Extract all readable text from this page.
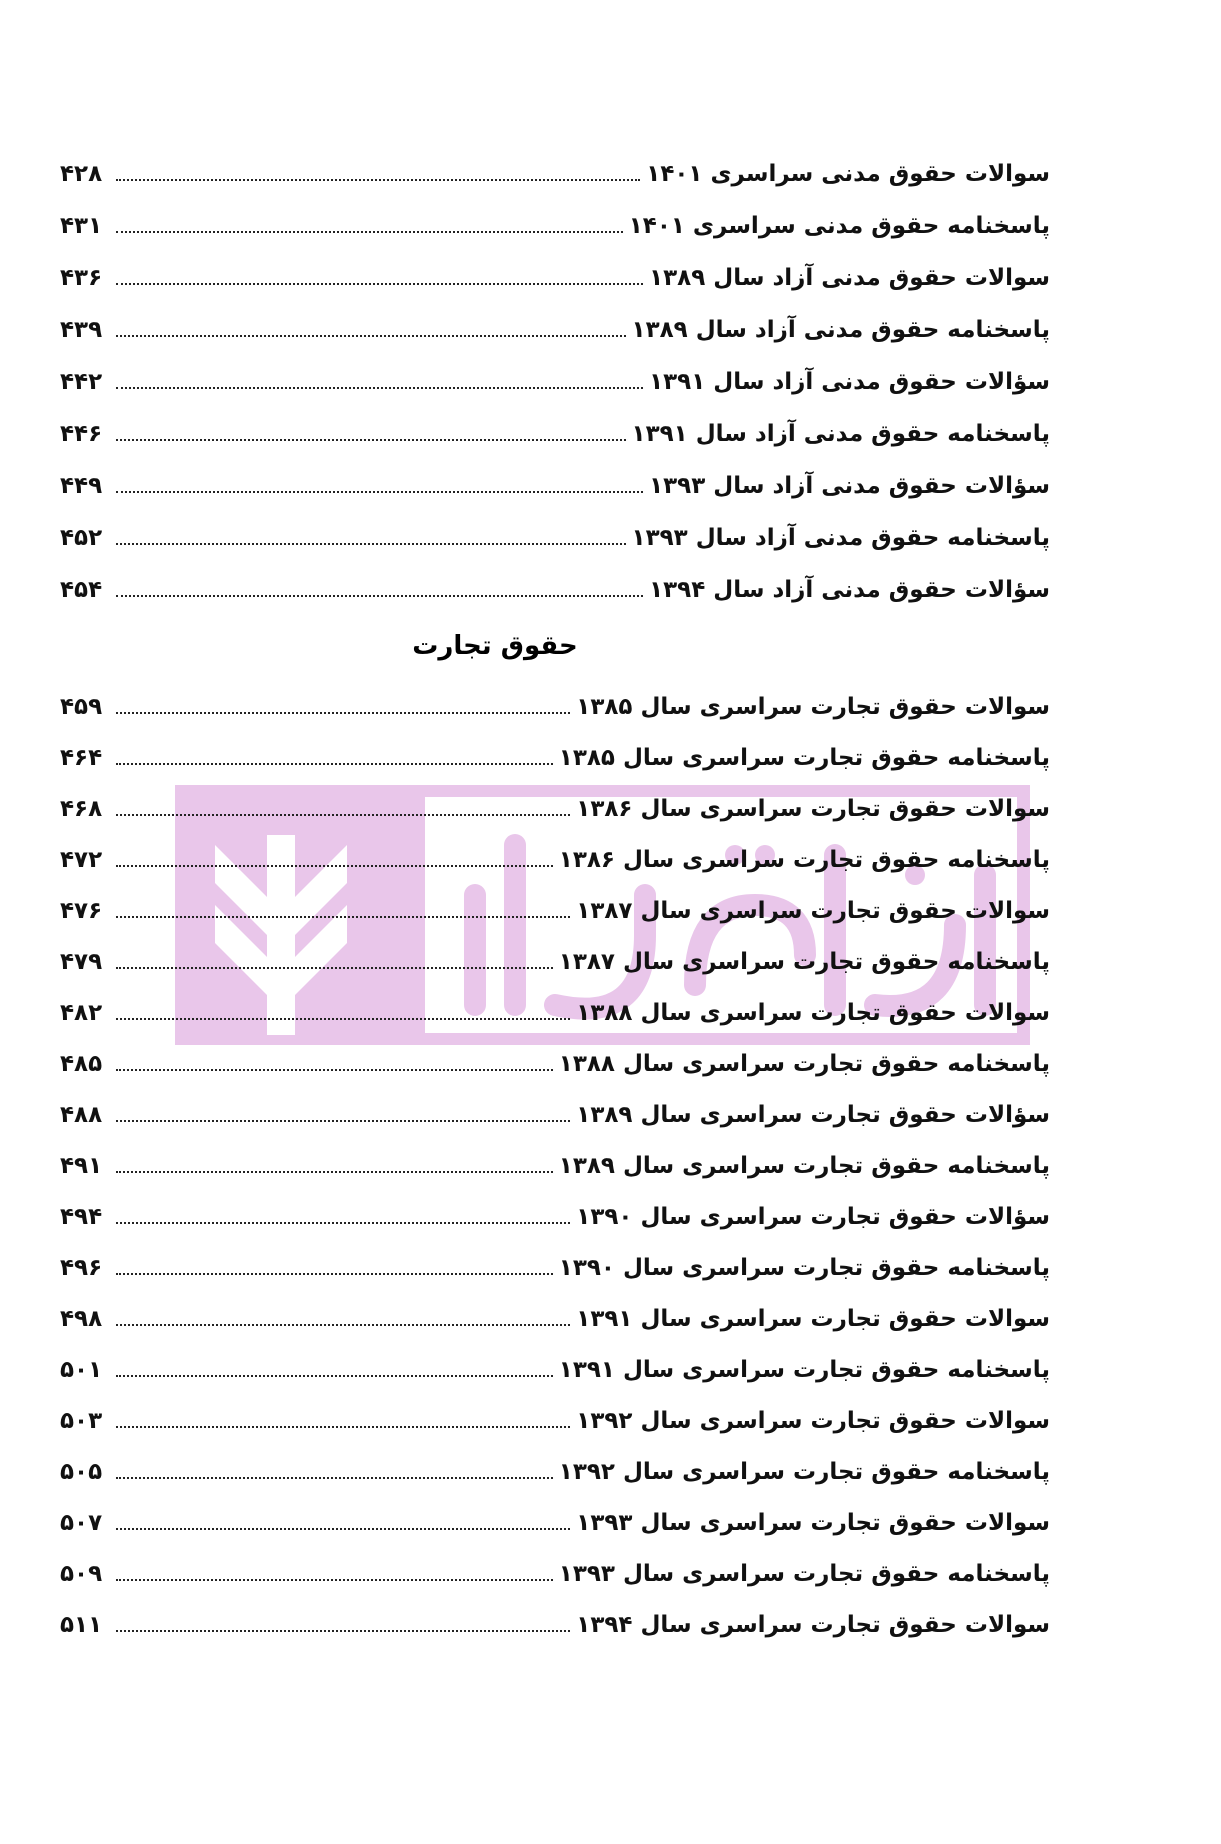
سوالات حقوق مدنی سراسری ۱۴۰۱
۴۲۸
پاسخنامه حقوق مدنی سراسری ۱۴۰۱
۴۳۱
سوالات حقوق مدنی آزاد سال ۱۳۸۹
۴۳۶
پاسخنامه حقوق مدنی آزاد سال ۱۳۸۹
۴۳۹
سؤالات حقوق مدنی آزاد سال ۱۳۹۱
۴۴۲
پاسخنامه حقوق مدنی آزاد سال ۱۳۹۱
۴۴۶
سؤالات حقوق مدنی آزاد سال ۱۳۹۳
۴۴۹
پاسخنامه حقوق مدنی آزاد سال ۱۳۹۳
۴۵۲
سؤالات حقوق مدنی آزاد سال ۱۳۹۴
۴۵۴
حقوق تجارت
سوالات حقوق تجارت سراسری سال ۱۳۸۵
۴۵۹
پاسخنامه حقوق تجارت سراسری سال ۱۳۸۵
۴۶۴
سوالات حقوق تجارت سراسری سال ۱۳۸۶
۴۶۸
پاسخنامه حقوق تجارت سراسری سال ۱۳۸۶
۴۷۲
سوالات حقوق تجارت سراسری سال ۱۳۸۷
۴۷۶
پاسخنامه حقوق تجارت سراسری سال ۱۳۸۷
۴۷۹
سوالات حقوق تجارت سراسری سال ۱۳۸۸
۴۸۲
پاسخنامه حقوق تجارت سراسری سال ۱۳۸۸
۴۸۵
سؤالات حقوق تجارت سراسری سال ۱۳۸۹
۴۸۸
پاسخنامه حقوق تجارت سراسری سال ۱۳۸۹
۴۹۱
سؤالات حقوق تجارت سراسری سال ۱۳۹۰
۴۹۴
پاسخنامه حقوق تجارت سراسری سال ۱۳۹۰
۴۹۶
سوالات حقوق تجارت سراسری سال ۱۳۹۱
۴۹۸
پاسخنامه حقوق تجارت سراسری سال ۱۳۹۱
۵۰۱
سوالات حقوق تجارت سراسری سال ۱۳۹۲
۵۰۳
پاسخنامه حقوق تجارت سراسری سال ۱۳۹۲
۵۰۵
سوالات حقوق تجارت سراسری سال ۱۳۹۳
۵۰۷
پاسخنامه حقوق تجارت سراسری سال ۱۳۹۳
۵۰۹
سوالات حقوق تجارت سراسری سال ۱۳۹۴
۵۱۱
